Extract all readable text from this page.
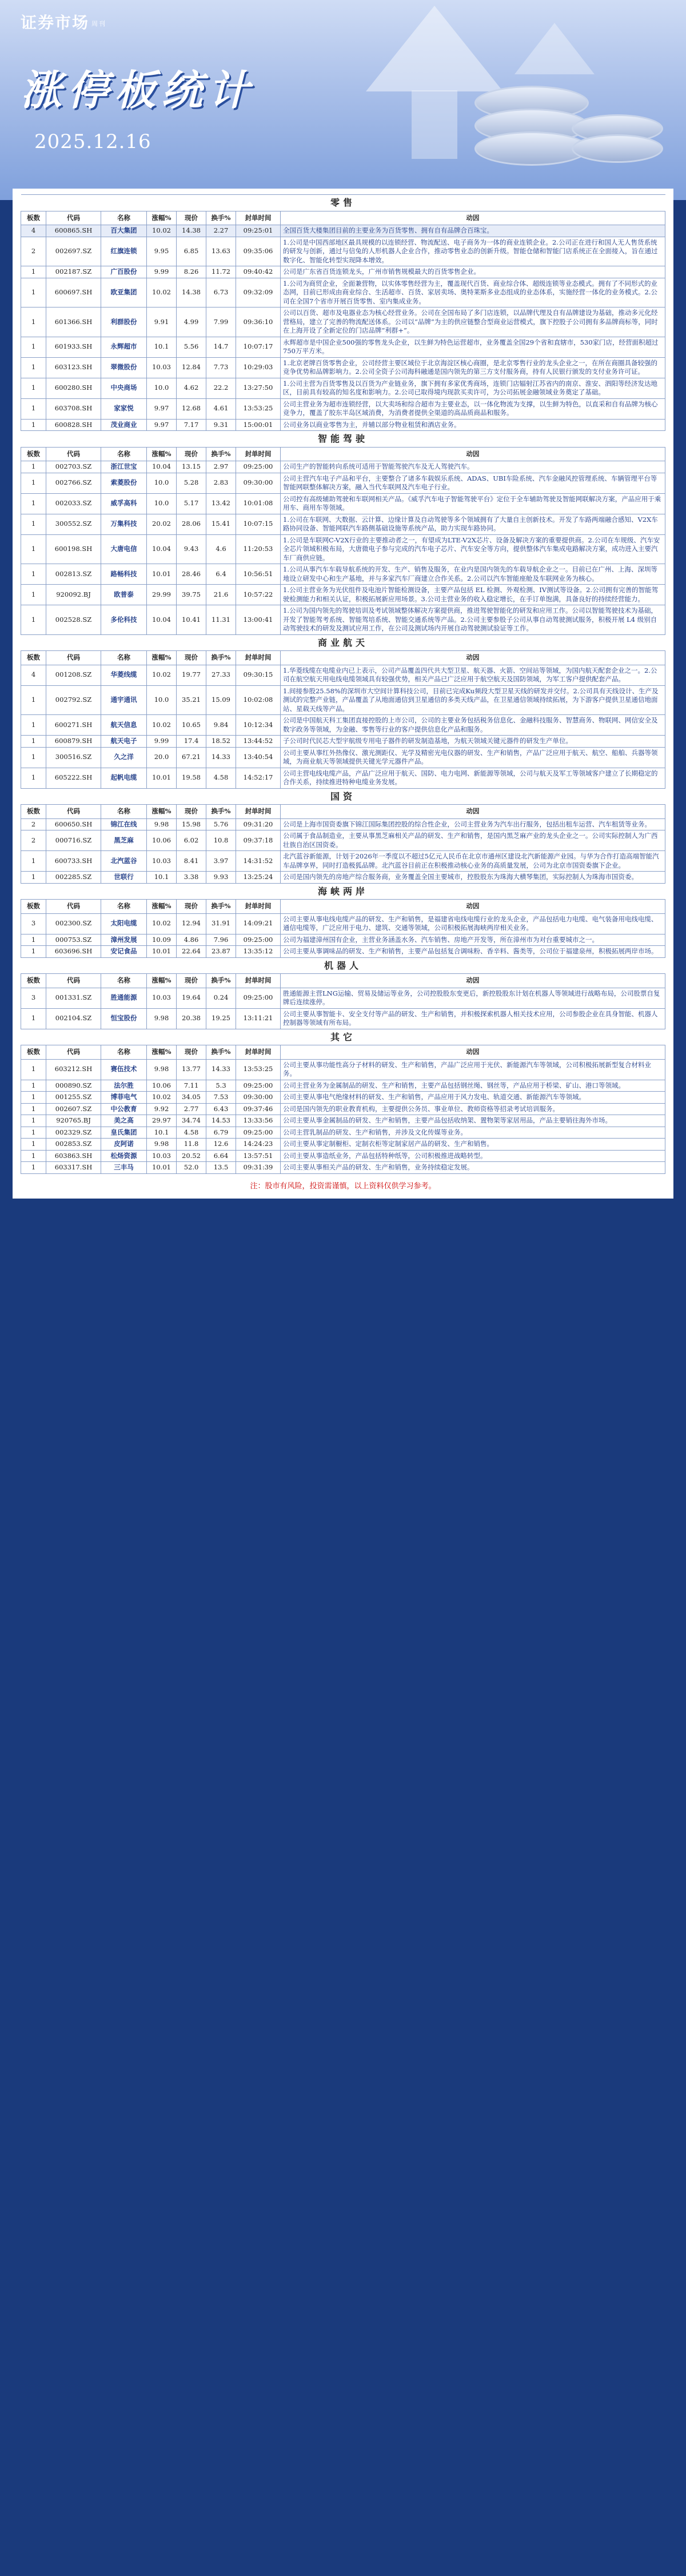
证券市场 周刊
涨停板统计
2025.12.16
零售							
板数	代码	名称	涨幅%	现价	换手%	封单时间	动因
4	600865.SH	百大集团	10.02	14.38	2.27	09:25:01	全国百货大楼集团目前的主要业务为百货零售、拥有自有品牌合百珠宝。
2	002697.SZ	红旗连锁	9.95	6.85	13.63	09:35:06	1.公司是中国西部地区最具规模的以连锁经营、物流配送、电子商务为一体的商业连锁企业。2.公司正在进行和国人无人售货系统的研发与创新，通过与信兔的人形机器人企业合作，推动零售业态的创新升级。智能仓储和智能门店系统正在全面接入，旨在通过数字化、智能化转型实现降本增效。
1	002187.SZ	广百股份	9.99	8.26	11.72	09:40:42	公司是广东省百货连锁龙头，广州市销售规模最大的百货零售企业。
1	600697.SH	欧亚集团	10.02	14.38	6.73	09:32:09	1.公司为商贸企业，全面兼营物，以实体零售经营为主，覆盖现代百货、商业综合体、超级连锁等业态模式。拥有了不同形式的业态网，目前已形成由商业综合、生活超市、百货、家居卖场、奥特莱斯多业态组成的业态体系，实施经营一体化的业务模式。2.公司在全国7个省市开展百货零售、室内集成业务。
1	601366.SH	利群股份	9.91	4.99	7.99	09:36:10	公司以百货、超市及电器业态为核心经营业务。公司在全国布局了多门店连锁，以品牌代理及自有品牌建设为基础，推动多元化经营格局，建立了完善的物流配送体系。公司以“品牌”为主的供应链整合型商业运营模式，旗下控股子公司拥有多品牌商标等，同时在上海开设了全新定位的门店品牌“利群+”。
1	601933.SH	永辉超市	10.1	5.56	14.7	10:07:17	永辉超市是中国企业500强的零售龙头企业，以生鲜为特色运营超市，业务覆盖全国29个省和直辖市，530家门店，经营面积超过750万平方米。
1	603123.SH	翠微股份	10.03	12.84	7.73	10:29:03	1.北京老牌百货零售企业，公司经营主要区域位于北京海淀区核心商圈，是北京零售行业的龙头企业之一，在所在商圈具备较强的竞争优势和品牌影响力。2.公司全资子公司海科融通是国内领先的第三方支付服务商，持有人民银行颁发的支付业务许可证。
1	600280.SH	中央商场	10.0	4.62	22.2	13:27:50	1.公司主营为百货零售及以百货为产业链业务，旗下拥有多家优秀商场，连锁门店辐射江苏省内的南京、淮安、泗阳等经济发达地区，目前具有较高的知名度和影响力。2.公司已取得境内现款买卖许可，为公司拓展金融领域业务奠定了基础。
1	603708.SH	家家悦	9.97	12.68	4.61	13:53:25	公司主营业务为超市连锁经营，以大卖场和综合超市为主要业态，以一体化物流为支撑，以生鲜为特色，以直采和自有品牌为核心竞争力，覆盖了胶东半岛区域消费，为消费者提供全渠道的高品质商品和服务。
1	600828.SH	茂业商业	9.97	7.17	9.31	15:00:01	公司业务以商业零售为主，并辅以部分物业租赁和酒店业务。
智能驾驶							
板数	代码	名称	涨幅%	现价	换手%	封单时间	动因
1	002703.SZ	浙江世宝	10.04	13.15	2.97	09:25:00	公司生产的智能转向系统可适用于智能驾驶汽车及无人驾驶汽车。
1	002766.SZ	索菱股份	10.0	5.28	2.83	09:30:00	公司主营汽车电子产品和平台，主要整合了诸多车载娱乐系统、ADAS、UBI车险系统、汽车金融风控管理系统、车辆管理平台等智能网联整体解决方案，融入当代车联网及汽车电子行业。
1	002033.SZ	威孚高科	10.0	5.17	13.42	10:01:08	公司控有高级辅助驾驶和车联网相关产品。《威孚汽车电子智能驾驶平台》定位于全车辅助驾驶及智能网联解决方案，产品应用于乘用车、商用车等领域。
1	300552.SZ	万集科技	20.02	28.06	15.41	10:07:15	1.公司在车联网、大数据、云计算、边缘计算及自动驾驶等多个领域拥有了大量自主创新技术。开发了车路两端融合感知、V2X车路协同设备、智能网联汽车路侧基础设施等系统产品，助力实现车路协同。
1	600198.SH	大唐电信	10.04	9.43	4.6	11:20:53	1.公司是车联网C-V2X行业的主要推动者之一，有望成为LTE-V2X芯片、设备及解决方案的重要提供商。2.公司在车规级、汽车安全芯片领域积极布局，大唐微电子参与完成的汽车电子芯片、汽车安全等方向，提供整体汽车集成电路解决方案，成功进入主要汽车厂商供应链。
1	002813.SZ	路畅科技	10.01	28.46	6.4	10:56:51	1.公司从事汽车车载导航系统的开发、生产、销售及服务，在业内是国内领先的车载导航企业之一。目前已在广州、上海、深圳等地设立研发中心和生产基地，并与多家汽车厂商建立合作关系。2.公司以汽车智能座舱及车联网业务为核心。
1	920092.BJ	欧普泰	29.99	39.75	21.6	10:57:22	1.公司主营业务为光伏组件及电池片智能检测设备，主要产品包括 EL 检测、外观检测、IV测试等设备。2.公司拥有完善的智能驾驶检测能力和相关认证，积极拓展新应用场景。3.公司主营业务的收入稳定增长，在手订单饱满，具备良好的持续经营能力。
1	002528.SZ	多伦科技	10.04	10.41	11.31	13:00:41	1.公司为国内领先的驾驶培训及考试领域整体解决方案提供商，推进驾驶智能化的研发和应用工作。公司以智能驾驶技术为基础，开发了智能驾考系统、智能驾培系统、智能交通系统等产品。2.公司主要参股子公司从事自动驾驶测试服务，积极开展 L4 级别自动驾驶技术的研发及测试应用工作，在公司及测试场内开展自动驾驶测试验证等工作。
商业航天							
板数	代码	名称	涨幅%	现价	换手%	封单时间	动因
4	001208.SZ	华菱线缆	10.02	19.77	27.33	09:30:15	1.华菱线缆在电缆业内已上表示，公司产品覆盖四代共大型卫星、航天器、火箭、空间站等领域，为国内航天配套企业之一。2.公司在航空航天用电线电缆领域具有较强优势，相关产品已广泛应用于航空航天及国防领域，为军工客户提供配套产品。
1	002792.SZ	通宇通讯	10.0	35.21	15.09	10:02:08	1.间接参股25.58%的深圳市大空间计算科技公司，目前已完成Ku频段大型卫星天线的研发并交付。2.公司具有天线设计、生产及测试的完整产业链，产品覆盖了从地面通信到卫星通信的多类天线产品，在卫星通信领域持续拓展，为下游客户提供卫星通信地面站、星载天线等产品。
1	600271.SH	航天信息	10.02	10.65	9.84	10:12:34	公司是中国航天科工集团直接控股的上市公司，公司的主要业务包括税务信息化、金融科技服务、智慧商务、物联网、网信安全及数字政务等领域，为金融、零售等行业的客户提供信息化产品和服务。
1	600879.SH	航天电子	9.99	17.4	18.52	13:44:52	子公司时代民芯大型宇航级专用电子器件的研发制造基地，为航天领域关键元器件的研发生产单位。
1	300516.SZ	久之洋	20.0	67.21	14.33	13:40:54	公司主要从事红外热像仪、激光测距仪、光学及精密光电仪器的研发、生产和销售，产品广泛应用于航天、航空、船舶、兵器等领域，为商业航天等领域提供关键光学元器件产品。
1	605222.SH	起帆电缆	10.01	19.58	4.58	14:52:17	公司主营电线电缆产品，产品广泛应用于航天、国防、电力电网、新能源等领域，公司与航天及军工等领域客户建立了长期稳定的合作关系，持续推进特种电缆业务发展。
国资							
板数	代码	名称	涨幅%	现价	换手%	封单时间	动因
2	600650.SH	锦江在线	9.98	15.98	5.76	09:31:20	公司是上海市国资委旗下锦江国际集团控股的综合性企业，公司主营业务为汽车出行服务，包括出租车运营、汽车租赁等业务。
2	000716.SZ	黑芝麻	10.06	6.02	10.8	09:37:18	公司属于食品制造业，主要从事黑芝麻相关产品的研发、生产和销售，是国内黑芝麻产业的龙头企业之一。公司实际控制人为广西壮族自治区国资委。
1	600733.SH	北汽蓝谷	10.03	8.41	3.97	14:31:52	北汽蓝谷新能源，计划于2026年一季度以不超过5亿元人民币在北京市通州区建设北汽新能源产业园。与华为合作打造高端智能汽车品牌享界，同时打造极狐品牌。北汽蓝谷目前正在积极推动核心业务的高质量发展，公司为北京市国资委旗下企业。
1	002285.SZ	世联行	10.1	3.38	9.93	13:25:24	公司是国内领先的房地产综合服务商，业务覆盖全国主要城市，控股股东为珠海大横琴集团，实际控制人为珠海市国资委。
海峡两岸							
板数	代码	名称	涨幅%	现价	换手%	封单时间	动因
3	002300.SZ	太阳电缆	10.02	12.94	31.91	14:09:21	公司主要从事电线电缆产品的研发、生产和销售，是福建省电线电缆行业的龙头企业，产品包括电力电缆、电气装备用电线电缆、通信电缆等，广泛应用于电力、建筑、交通等领域，公司积极拓展海峡两岸相关业务。
1	000753.SZ	漳州发展	10.09	4.86	7.96	09:25:00	公司为福建漳州国有企业，主营业务涵盖水务、汽车销售、房地产开发等，所在漳州市为对台重要城市之一。
1	603696.SH	安记食品	10.01	22.64	23.87	13:35:12	公司主要从事调味品的研发、生产和销售，主要产品包括复合调味粉、香辛料、酱类等，公司位于福建泉州，积极拓展两岸市场。
机器人							
板数	代码	名称	涨幅%	现价	换手%	封单时间	动因
3	001331.SZ	胜通能源	10.03	19.64	0.24	09:25:00	胜通能源主营LNG运输、贸易及储运等业务，公司控股股东变更后，新控股股东计划在机器人等领域进行战略布局，公司股票自复牌后连续涨停。
1	002104.SZ	恒宝股份	9.98	20.38	19.25	13:11:21	公司主要从事智能卡、安全支付等产品的研发、生产和销售，并积极探索机器人相关技术应用，公司参股企业在具身智能、机器人控制器等领域有所布局。
其它							
板数	代码	名称	涨幅%	现价	换手%	封单时间	动因
1	603212.SH	赛伍技术	9.98	13.77	14.33	13:53:25	公司主要从事功能性高分子材料的研发、生产和销售，产品广泛应用于光伏、新能源汽车等领域，公司积极拓展新型复合材料业务。
1	000890.SZ	法尔胜	10.06	7.11	5.3	09:25:00	公司主营业务为金属制品的研发、生产和销售，主要产品包括钢丝绳、钢丝等，产品应用于桥梁、矿山、港口等领域。
1	001255.SZ	博菲电气	10.02	34.05	7.53	09:30:00	公司主要从事电气绝缘材料的研发、生产和销售，产品应用于风力发电、轨道交通、新能源汽车等领域。
1	002607.SZ	中公教育	9.92	2.77	6.43	09:37:46	公司是国内领先的职业教育机构，主要提供公务员、事业单位、教师资格等招录考试培训服务。
1	920765.BJ	美之高	29.97	34.74	14.53	13:33:56	公司主要从事金属制品的研发、生产和销售，主要产品包括收纳架、置物架等家居用品，产品主要销往海外市场。
1	002329.SZ	皇氏集团	10.1	4.58	6.79	09:25:00	公司主营乳制品的研发、生产和销售，并涉及文化传媒等业务。
1	002853.SZ	皮阿诺	9.98	11.8	12.6	14:24:23	公司主要从事定制橱柜、定制衣柜等定制家居产品的研发、生产和销售。
1	603863.SH	松炀资源	10.03	20.52	6.64	13:57:51	公司主要从事造纸业务，产品包括特种纸等，公司积极推进战略转型。
1	603317.SH	三丰马	10.01	52.0	13.5	09:31:39	公司主要从事相关产品的研发、生产和销售，业务持续稳定发展。
注：股市有风险，投资需谨慎，以上资料仅供学习参考。
